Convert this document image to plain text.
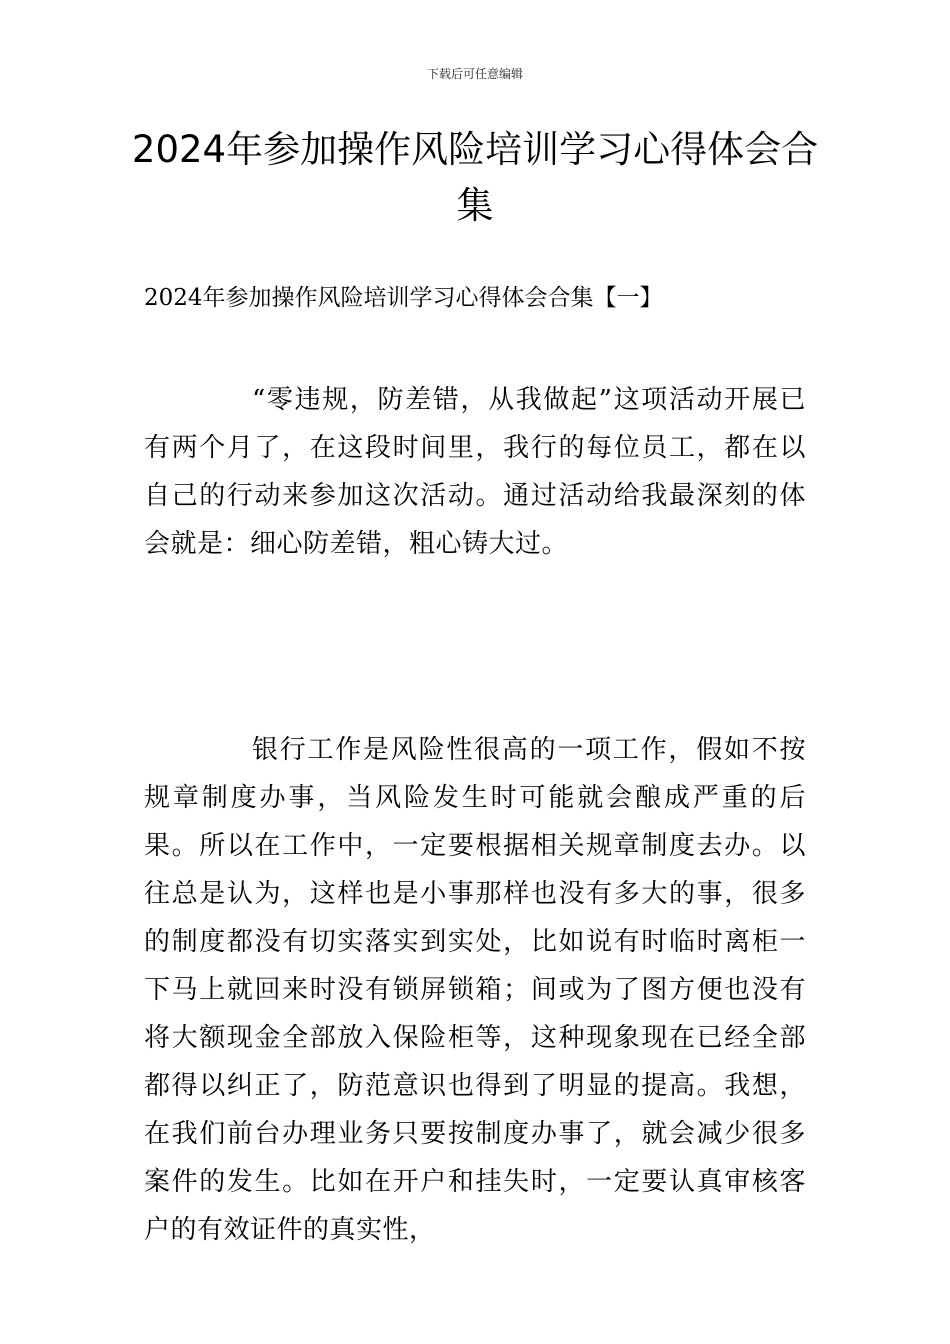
下载后可任意编辑
2024年参加操作风险培训学习心得体会合集
2024年参加操作风险培训学习心得体会合集【一】

“零违规，防差错，从我做起”这项活动开展已有两个月了，在这段时间里，我行的每位员工，都在以自己的行动来参加这次活动。通过活动给我最深刻的体会就是：细心防差错，粗心铸大过。

银行工作是风险性很高的一项工作，假如不按规章制度办事，当风险发生时可能就会酿成严重的后果。所以在工作中，一定要根据相关规章制度去办。以往总是认为，这样也是小事那样也没有多大的事，很多的制度都没有切实落实到实处，比如说有时临时离柜一下马上就回来时没有锁屏锁箱；间或为了图方便也没有将大额现金全部放入保险柜等，这种现象现在已经全部都得以纠正了，防范意识也得到了明显的提高。我想，在我们前台办理业务只要按制度办事了，就会减少很多案件的发生。比如在开户和挂失时，一定要认真审核客户的有效证件的真实性，
